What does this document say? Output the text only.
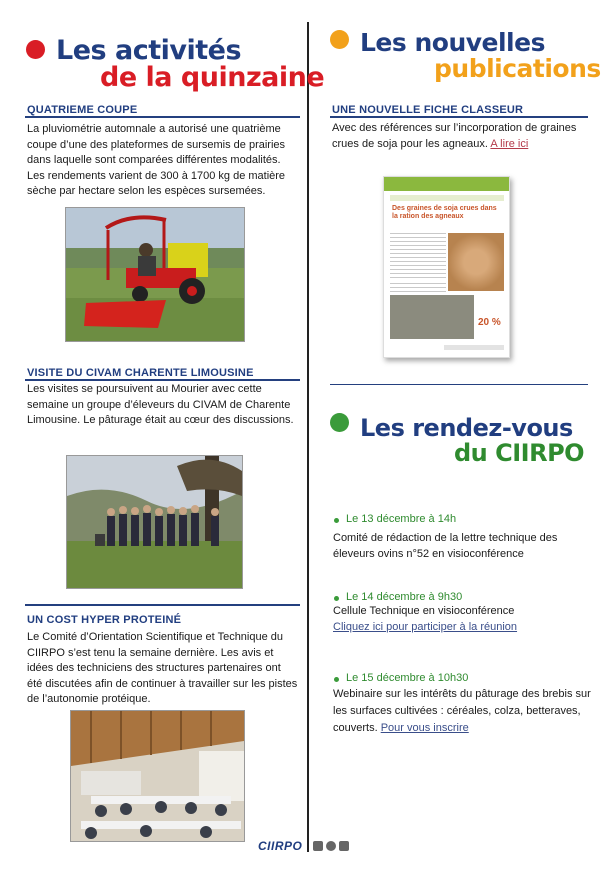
Les activités
de la quinzaine
QUATRIEME COUPE
La pluviométrie automnale a autorisé une quatrième coupe d’une des plateformes de sursemis de prairies dans laquelle sont comparées différentes modalités. Les rendements varient de 300 à 1700 kg de matière sèche par hectare selon les espèces sursemées.
VISITE DU CIVAM CHARENTE LIMOUSINE
Les visites se poursuivent au Mourier avec cette semaine un groupe d’éleveurs du CIVAM de Charente Limousine. Le pâturage était au cœur des discussions.
UN COST HYPER PROTEINÉ
Le Comité d’Orientation Scientifique et Technique du CIIRPO s’est tenu la semaine dernière. Les avis et idées des techniciens des structures partenaires ont été discutées afin de continuer à travailler sur les pistes de l’autonomie protéique.
Les nouvelles
publications
UNE NOUVELLE FICHE CLASSEUR
Avec des références sur l’incorporation de graines crues de soja pour les agneaux. A lire ici
Des graines de soja crues dans la ration des agneaux
20 %
Les rendez-vous
du CIIRPO
Le 13 décembre à 14h
Comité de rédaction de la lettre technique des éleveurs ovins n°52 en visioconférence
Le 14 décembre à 9h30
Cellule Technique en visioconférence
Cliquez ici pour participer à la réunion
Le 15 décembre à 10h30
Webinaire sur les intérêts du pâturage des brebis sur les surfaces cultivées : céréales, colza, betteraves, couverts. Pour vous inscrire
CIIRPO
